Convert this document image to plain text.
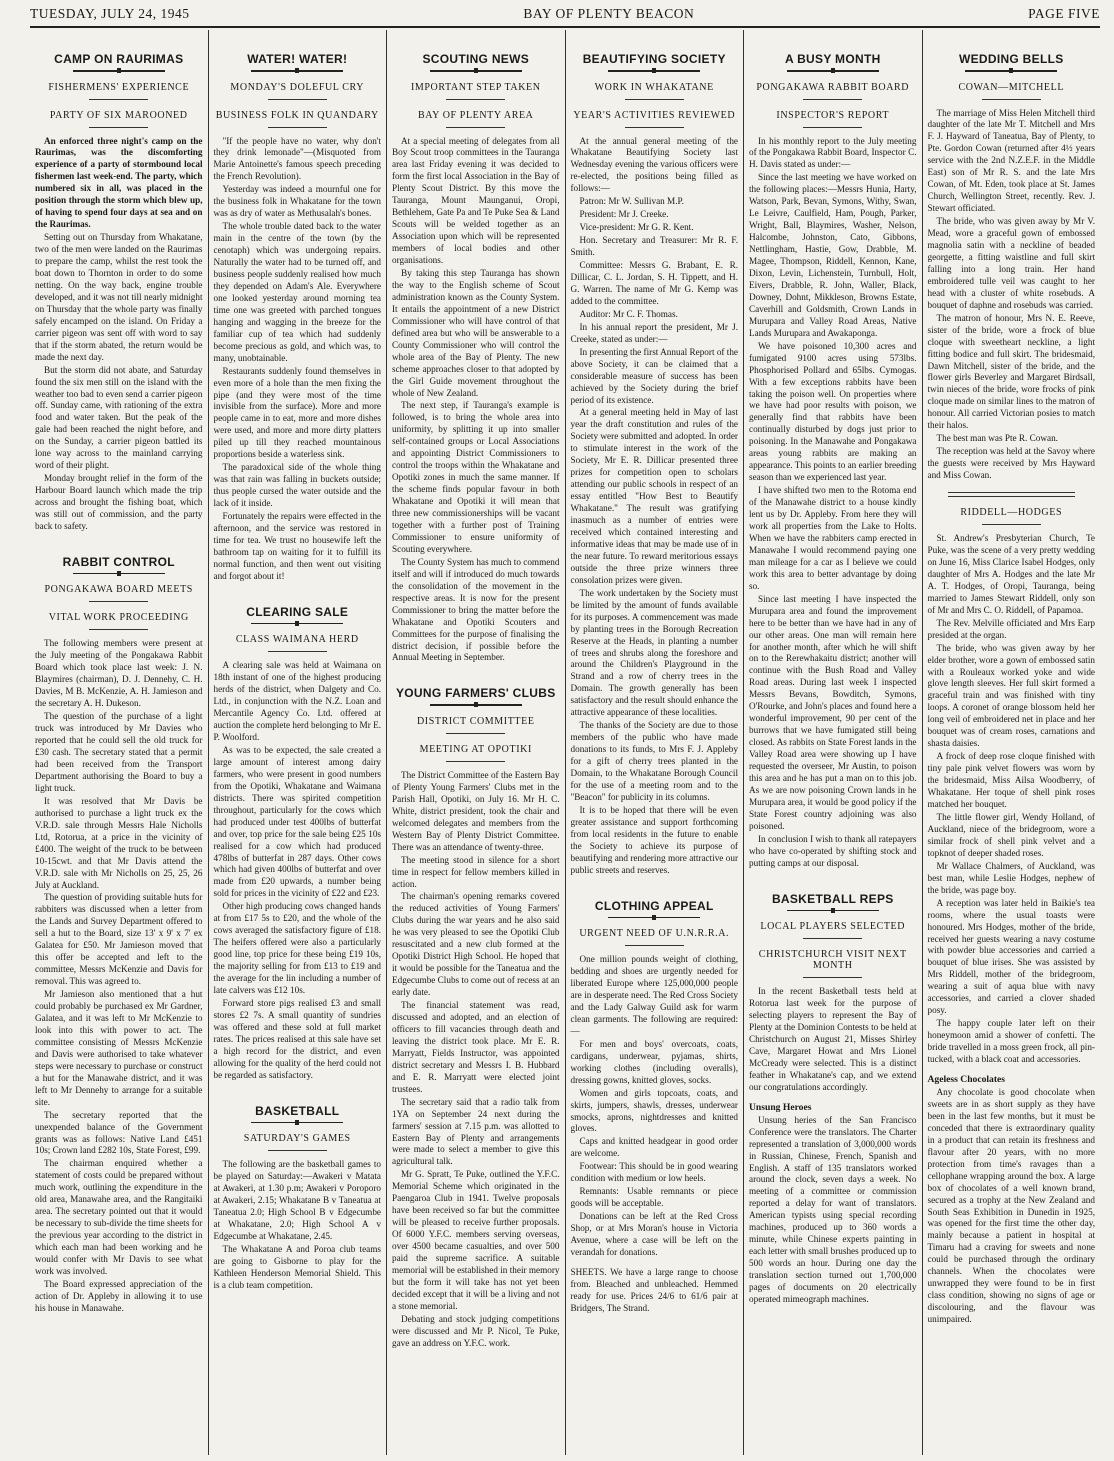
TUESDAY, JULY 24, 1945	BAY OF PLENTY BEACON	PAGE FIVE
CAMP ON RAURIMAS
FISHERMENS' EXPERIENCE
PARTY OF SIX MAROONED

An enforced three night's camp on the Raurimas, was the discomforting experience of a party of stormbound local fishermen last week-end. The party, which numbered six in all, was placed in the position through the storm which blew up, of having to spend four days at sea and on the Raurimas.

Setting out on Thursday from Whakatane, two of the men were landed on the Raurimas to prepare the camp, whilst the rest took the boat down to Thornton in order to do some netting. On the way back, engine trouble developed, and it was not till nearly midnight on Thursday that the whole party was finally safely encamped on the island. On Friday a carrier pigeon was sent off with word to say that if the storm abated, the return would be made the next day.

But the storm did not abate, and Saturday found the six men still on the island with the weather too bad to even send a carrier pigeon off. Sunday came, with rationing of the extra food and water taken. But the peak of the gale had been reached the night before, and on the Sunday, a carrier pigeon battled its lone way across to the mainland carrying word of their plight.

Monday brought relief in the form of the Harbour Board launch which made the trip across and brought the fishing boat, which was still out of commission, and the party back to safety.

RABBIT CONTROL
PONGAKAWA BOARD MEETS
VITAL WORK PROCEEDING

The following members were present at the July meeting of the Pongakawa Rabbit Board which took place last week: J. N. Blaymires (chairman), D. J. Dennehy, C. H. Davies, M B. McKenzie, A. H. Jamieson and the secretary A. H. Dukeson.

The question of the purchase of a light truck was introduced by Mr Davies who reported that he could sell the old truck for £30 cash. The secretary stated that a permit had been received from the Transport Department authorising the Board to buy a light truck.

It was resolved that Mr Davis be authorised to purchase a light truck ex the V.R.D. sale through Messrs Hale Nicholls Ltd, Rotorua, at a price in the vicinity of £400. The weight of the truck to be between 10-15cwt. and that Mr Davis attend the V.R.D. sale with Mr Nicholls on 25, 25, 26 July at Auckland.

The question of providing suitable huts for rabbiters was discussed when a letter from the Lands and Survey Department offered to sell a hut to the Board, size 13' x 9' x 7' ex Galatea for £50. Mr Jamieson moved that this offer be accepted and left to the committee, Messrs McKenzie and Davis for removal. This was agreed to.

Mr Jamieson also mentioned that a hut could probably be purchased ex Mr Gardner, Galatea, and it was left to Mr McKenzie to look into this with power to act. The committee consisting of Messrs McKenzie and Davis were authorised to take whatever steps were necessary to purchase or construct a hut for the Manawahe district, and it was left to Mr Dennehy to arrange for a suitable site.

The secretary reported that the unexpended balance of the Government grants was as follows: Native Land £451 10s; Crown land £282 10s, State Forest, £99.

The chairman enquired whether a statement of costs could be prepared without much work, outlining the expenditure in the old area, Manawahe area, and the Rangitaiki area. The secretary pointed out that it would be necessary to sub-divide the time sheets for the previous year according to the district in which each man had been working and he would confer with Mr Davis to see what work was involved.

The Board expressed appreciation of the action of Dr. Appleby in allowing it to use his house in Manawahe.

WATER! WATER!
MONDAY'S DOLEFUL CRY
BUSINESS FOLK IN QUANDARY

"If the people have no water, why don't they drink lemonade"—(Misquoted from Marie Antoinette's famous speech preceding the French Revolution).

Yesterday was indeed a mournful one for the business folk in Whakatane for the town was as dry of water as Methusalah's bones.

The whole trouble dated back to the water main in the centre of the town (by the cenotaph) which was undergoing repairs. Naturally the water had to be turned off, and business people suddenly realised how much they depended on Adam's Ale. Everywhere one looked yesterday around morning tea time one was greeted with parched tongues hanging and wagging in the breeze for the familiar cup of tea which had suddenly become precious as gold, and which was, to many, unobtainable.

Restaurants suddenly found themselves in even more of a hole than the men fixing the pipe (and they were most of the time invisible from the surface). More and more people came in to eat, more and more dishes were used, and more and more dirty platters piled up till they reached mountainous proportions beside a waterless sink.

The paradoxical side of the whole thing was that rain was falling in buckets outside; thus people cursed the water outside and the lack of it inside.

Fortunately the repairs were effected in the afternoon, and the service was restored in time for tea. We trust no housewife left the bathroom tap on waiting for it to fulfill its normal function, and then went out visiting and forgot about it!

CLEARING SALE
CLASS WAIMANA HERD

A clearing sale was held at Waimana on 18th instant of one of the highest producing herds of the district, when Dalgety and Co. Ltd., in conjunction with the N.Z. Loan and Mercantile Agency Co. Ltd. offered at auction the complete herd belonging to Mr E. P. Woolford.

As was to be expected, the sale created a large amount of interest among dairy farmers, who were present in good numbers from the Opotiki, Whakatane and Waimana districts. There was spirited competition throughout, particularly for the cows which had produced under test 400lbs of butterfat and over, top price for the sale being £25 10s realised for a cow which had produced 478lbs of butterfat in 287 days. Other cows which had given 400lbs of butterfat and over made from £20 upwards, a number being sold for prices in the vicinity of £22 and £23.

Other high producing cows changed hands at from £17 5s to £20, and the whole of the cows averaged the satisfactory figure of £18. The heifers offered were also a particularly good line, top price for these being £19 10s, the majority selling for from £13 to £19 and the average for the lin including a number of late calvers was £12 10s.

Forward store pigs realised £3 and small stores £2 7s. A small quantity of sundries was offered and these sold at full market rates. The prices realised at this sale have set a high record for the district, and even allowing for the quality of the herd could not be regarded as satisfactory.

BASKETBALL
SATURDAY'S GAMES

The following are the basketball games to be played on Saturday:—Awakeri v Matata at Awakeri, at 1.30 p.m; Awakeri v Poroporo at Awakeri, 2.15; Whakatane B v Taneatua at Taneatua 2.0; High School B v Edgecumbe at Whakatane, 2.0; High School A v Edgecumbe at Whakatane, 2.45.

The Whakatane A and Poroa club teams are going to Gisborne to play for the Kathleen Henderson Memorial Shield. This is a club team competition.

SCOUTING NEWS
IMPORTANT STEP TAKEN
BAY OF PLENTY AREA

At a special meeting of delegates from all Boy Scout troop committees in the Tauranga area last Friday evening it was decided to form the first local Association in the Bay of Plenty Scout District. By this move the Tauranga, Mount Maunganui, Oropi, Bethlehem, Gate Pa and Te Puke Sea & Land Scouts will be welded together as an Association upon which will be represented members of local bodies and other organisations.

By taking this step Tauranga has shown the way to the English scheme of Scout administration known as the County System. It entails the appointment of a new District Commissioner who will have control of that defined area but who will be answerable to a County Commissioner who will control the whole area of the Bay of Plenty. The new scheme approaches closer to that adopted by the Girl Guide movement throughout the whole of New Zealand.

The next step, if Tauranga's example is followed, is to bring the whole area into uniformity, by splitting it up into smaller self-contained groups or Local Associations and appointing District Commissioners to control the troops within the Whakatane and Opotiki zones in much the same manner. If the scheme finds popular favour in both Whakatane and Opotiki it will mean that three new commissionerships will be vacant together with a further post of Training Commissioner to ensure uniformity of Scouting everywhere.

The County System has much to commend itself and will if introduced do much towards the consolidation of the movement in the respective areas. It is now for the present Commissioner to bring the matter before the Whakatane and Opotiki Scouters and Committees for the purpose of finalising the district decision, if possible before the Annual Meeting in September.

YOUNG FARMERS' CLUBS
DISTRICT COMMITTEE
MEETING AT OPOTIKI

The District Committee of the Eastern Bay of Plenty Young Farmers' Clubs met in the Parish Hall, Opotiki, on July 16. Mr H. C. White, district president, took the chair and welcomed delegates and members from the Western Bay of Plenty District Committee. There was an attendance of twenty-three.

The meeting stood in silence for a short time in respect for fellow members killed in action.

The chairman's opening remarks covered the reduced activities of Young Farmers' Clubs during the war years and he also said he was very pleased to see the Opotiki Club resuscitated and a new club formed at the Opotiki District High School. He hoped that it would be possible for the Taneatua and the Edgecumbe Clubs to come out of recess at an early date.

The financial statement was read, discussed and adopted, and an election of officers to fill vacancies through death and leaving the district took place. Mr E. R. Marryatt, Fields Instructor, was appointed district secretary and Messrs I. B. Hubbard and E. R. Marryatt were elected joint trustees.

The secretary said that a radio talk from 1YA on September 24 next during the farmers' session at 7.15 p.m. was allotted to Eastern Bay of Plenty and arrangements were made to select a member to give this agricultural talk.

Mr G. Spratt, Te Puke, outlined the Y.F.C. Memorial Scheme which originated in the Paengaroa Club in 1941. Twelve proposals have been received so far but the committee will be pleased to receive further proposals. Of 6000 Y.F.C. members serving overseas, over 4500 became casualties, and over 500 paid the supreme sacrifice. A suitable memorial will be established in their memory but the form it will take has not yet been decided except that it will be a living and not a stone memorial.

Debating and stock judging competitions were discussed and Mr P. Nicol, Te Puke, gave an address on Y.F.C. work.

BEAUTIFYING SOCIETY
WORK IN WHAKATANE
YEAR'S ACTIVITIES REVIEWED

At the annual general meeting of the Whakatane Beautifying Society last Wednesday evening the various officers were re-elected, the positions being filled as follows:—

Patron: Mr W. Sullivan M.P.

President: Mr J. Creeke.

Vice-president: Mr G. R. Kent.

Hon. Secretary and Treasurer: Mr R. F. Smith.

Committee: Messrs G. Brabant, E. R. Dillicar, C. L. Jordan, S. H. Tippett, and H. G. Warren. The name of Mr G. Kemp was added to the committee.

Auditor: Mr C. F. Thomas.

In his annual report the president, Mr J. Creeke, stated as under:—

In presenting the first Annual Report of the above Society, it can be claimed that a considerable measure of success has been achieved by the Society during the brief period of its existence.

At a general meeting held in May of last year the draft constitution and rules of the Society were submitted and adopted. In order to stimulate interest in the work of the Society, Mr E. R. Dillicar presented three prizes for competition open to scholars attending our public schools in respect of an essay entitled "How Best to Beautify Whakatane." The result was gratifying inasmuch as a number of entries were received which contained interesting and informative ideas that may be made use of in the near future. To reward meritorious essays outside the three prize winners three consolation prizes were given.

The work undertaken by the Society must be limited by the amount of funds available for its purposes. A commencement was made by planting trees in the Borough Recreation Reserve at the Heads, in planting a number of trees and shrubs along the foreshore and around the Children's Playground in the Strand and a row of cherry trees in the Domain. The growth generally has been satisfactory and the result should enhance the attractive appearance of these localities.

The thanks of the Society are due to those members of the public who have made donations to its funds, to Mrs F. J. Appleby for a gift of cherry trees planted in the Domain, to the Whakatane Borough Council for the use of a meeting room and to the "Beacon" for publicity in its columns.

It is to be hoped that there will be even greater assistance and support forthcoming from local residents in the future to enable the Society to achieve its purpose of beautifying and rendering more attractive our public streets and reserves.

CLOTHING APPEAL
URGENT NEED OF U.N.R.R.A.

One million pounds weight of clothing, bedding and shoes are urgently needed for liberated Europe where 125,000,000 people are in desperate need. The Red Cross Society and the Lady Galway Guild ask for warm clean garments. The following are required:—

For men and boys' overcoats, coats, cardigans, underwear, pyjamas, shirts, working clothes (including overalls), dressing gowns, knitted gloves, socks.

Women and girls topcoats, coats, and skirts, jumpers, shawls, dresses, underwear smocks, aprons, nightdresses and knitted gloves.

Caps and knitted headgear in good order are welcome.

Footwear: This should be in good wearing condition with medium or low heels.

Remnants: Usable remnants or piece goods will be acceptable.

Donations can be left at the Red Cross Shop, or at Mrs Moran's house in Victoria Avenue, where a case will be left on the verandah for donations.

SHEETS. We have a large range to choose from. Bleached and unbleached. Hemmed ready for use. Prices 24/6 to 61/6 pair at Bridgers, The Strand.
A BUSY MONTH
PONGAKAWA RABBIT BOARD
INSPECTOR'S REPORT

In his monthly report to the July meeting of the Pongakawa Rabbit Board, Inspector C. H. Davis stated as under:—

Since the last meeting we have worked on the following places:—Messrs Hunia, Harty, Watson, Park, Bevan, Symons, Withy, Swan, Le Leivre, Caulfield, Ham, Pough, Parker, Wright, Ball, Blaymires, Washer, Nelson, Halcombe, Johnston, Cato, Gibbons, Nettlingham, Hastie, Gow, Drabble, M. Magee, Thompson, Riddell, Kennon, Kane, Dixon, Levin, Lichenstein, Turnbull, Holt, Eivers, Drabble, R. John, Waller, Black, Downey, Dohnt, Mikkleson, Browns Estate, Caverhill and Goldsmith, Crown Lands in Murupara and Valley Road Areas, Native Lands Murupara and Awakaponga.

We have poisoned 10,300 acres and fumigated 9100 acres using 573lbs. Phosphorised Pollard and 65lbs. Cymogas. With a few exceptions rabbits have been taking the poison well. On properties where we have had poor results with poison, we generally find that rabbits have been continually disturbed by dogs just prior to poisoning. In the Manawahe and Pongakawa areas young rabbits are making an appearance. This points to an earlier breeding season than we experienced last year.

I have shifted two men to the Rotoma end of the Manawahe district to a house kindly lent us by Dr. Appleby. From here they will work all properties from the Lake to Holts. When we have the rabbiters camp erected in Manawahe I would recommend paying one man mileage for a car as I believe we could work this area to better advantage by doing so.

Since last meeting I have inspected the Murupara area and found the improvement here to be better than we have had in any of our other areas. One man will remain here for another month, after which he will shift on to the Rerewhakaitu district; another will continue with the Bush Road and Valley Road areas. During last week I inspected Messrs Bevans, Bowditch, Symons, O'Rourke, and John's places and found here a wonderful improvement, 90 per cent of the burrows that we have fumigated still being closed. As rabbits on State Forest lands in the Valley Road area were showing up I have requested the overseer, Mr Austin, to poison this area and he has put a man on to this job. As we are now poisoning Crown lands in he Murupara area, it would be good policy if the State Forest country adjoining was also poisoned.

In conclusion I wish to thank all ratepayers who have co-operated by shifting stock and putting camps at our disposal.

BASKETBALL REPS
LOCAL PLAYERS SELECTED
CHRISTCHURCH VISIT NEXT MONTH

In the recent Basketball tests held at Rotorua last week for the purpose of selecting players to represent the Bay of Plenty at the Dominion Contests to be held at Christchurch on August 21, Misses Shirley Cave, Margaret Howat and Mrs Lionel McCready were selected. This is a distinct feather in Whakatane's cap, and we extend our congratulations accordingly.

Unsung Heroes

Unsung heries of the San Francisco Conference were the translators. The Charter represented a translation of 3,000,000 words in Russian, Chinese, French, Spanish and English. A staff of 135 translators worked around the clock, seven days a week. No meeting of a committee or commission reported a delay for want of translators. American typists using special recording machines, produced up to 360 words a minute, while Chinese experts painting in each letter with small brushes produced up to 500 words an hour. During one day the translation section turned out 1,700,000 pages of documents on 20 electrically operated mimeograph machines.

WEDDING BELLS
COWAN—MITCHELL

The marriage of Miss Helen Mitchell third daughter of the late Mr T. Mitchell and Mrs F. J. Hayward of Taneatua, Bay of Plenty, to Pte. Gordon Cowan (returned after 4½ years service with the 2nd N.Z.E.F. in the Middle East) son of Mr R. S. and the late Mrs Cowan, of Mt. Eden, took place at St. James Church, Wellington Street, recently. Rev. J. Stewart officiated.

The bride, who was given away by Mr V. Mead, wore a graceful gown of embossed magnolia satin with a neckline of beaded georgette, a fitting waistline and full skirt falling into a long train. Her hand embroidered tulle veil was caught to her head with a cluster of white rosebuds. A bouquet of daphne and rosebuds was carried.

The matron of honour, Mrs N. E. Reeve, sister of the bride, wore a frock of blue cloque with sweetheart neckline, a light fitting bodice and full skirt. The bridesmaid, Dawn Mitchell, sister of the bride, and the flower girls Beverley and Margaret Birdsall, twin nieces of the bride, wore frocks of pink cloque made on similar lines to the matron of honour. All carried Victorian posies to match their halos.

The best man was Pte R. Cowan.

The reception was held at the Savoy where the guests were received by Mrs Hayward and Miss Cowan.

RIDDELL—HODGES

St. Andrew's Presbyterian Church, Te Puke, was the scene of a very pretty wedding on June 16, Miss Clarice Isabel Hodges, only daughter of Mrs A. Hodges and the late Mr A. T. Hodges, of Oropi, Tauranga, being married to James Stewart Riddell, only son of Mr and Mrs C. O. Riddell, of Papamoa.

The Rev. Melville officiated and Mrs Earp presided at the organ.

The bride, who was given away by her elder brother, wore a gown of embossed satin with a Rouleaux worked yoke and wide glove length sleeves. Her full skirt formed a graceful train and was finished with tiny loops. A coronet of orange blossom held her long veil of embroidered net in place and her bouquet was of cream roses, carnations and shasta daisies.

A frock of deep rose cloque finished with tiny pale pink velvet flowers was worn by the bridesmaid, Miss Ailsa Woodberry, of Whakatane. Her toque of shell pink roses matched her bouquet.

The little flower girl, Wendy Holland, of Auckland, niece of the bridegroom, wore a similar frock of shell pink velvet and a topknot of deeper shaded roses.

Mr Wallace Chalmers, of Auckland, was best man, while Leslie Hodges, nephew of the bride, was page boy.

A reception was later held in Baikie's tea rooms, where the usual toasts were honoured. Mrs Hodges, mother of the bride, received her guests wearing a navy costume with powder blue accessories and carried a bouquet of blue irises. She was assisted by Mrs Riddell, mother of the bridegroom, wearing a suit of aqua blue with navy accessories, and carried a clover shaded posy.

The happy couple later left on their honeymoon amid a shower of confetti. The bride travelled in a moss green frock, all pin-tucked, with a black coat and accessories.

Ageless Chocolates

Any chocolate is good chocolate when sweets are in as short supply as they have been in the last few months, but it must be conceded that there is extraordinary quality in a product that can retain its freshness and flavour after 20 years, with no more protection from time's ravages than a cellophane wrapping around the box. A large box of chocolates of a well known brand, secured as a trophy at the New Zealand and South Seas Exhibition in Dunedin in 1925, was opened for the first time the other day, mainly because a patient in hospital at Timaru had a craving for sweets and none could be purchased through the ordinary channels. When the chocolates were unwrapped they were found to be in first class condition, showing no signs of age or discolouring, and the flavour was unimpaired.
